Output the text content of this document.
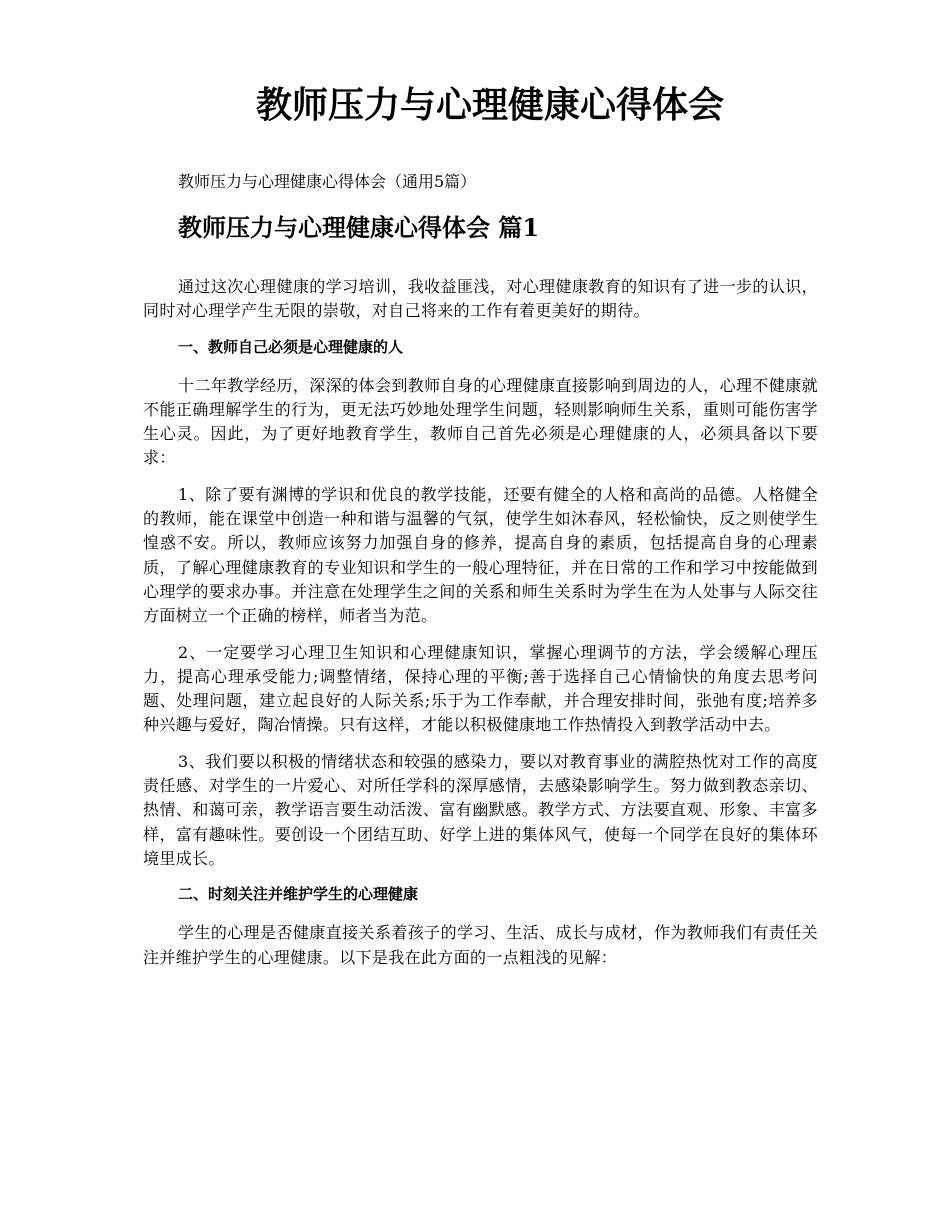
教师压力与心理健康心得体会

教师压力与心理健康心得体会（通用5篇）

教师压力与心理健康心得体会 篇1

通过这次心理健康的学习培训，我收益匪浅，对心理健康教育的知识有了进一步的认识，同时对心理学产生无限的崇敬，对自己将来的工作有着更美好的期待。

一、教师自己必须是心理健康的人

十二年教学经历，深深的体会到教师自身的心理健康直接影响到周边的人，心理不健康就不能正确理解学生的行为，更无法巧妙地处理学生问题，轻则影响师生关系，重则可能伤害学生心灵。因此，为了更好地教育学生，教师自己首先必须是心理健康的人，必须具备以下要求：

1、除了要有渊博的学识和优良的教学技能，还要有健全的人格和高尚的品德。人格健全的教师，能在课堂中创造一种和谐与温馨的气氛，使学生如沐春风，轻松愉快，反之则使学生惶惑不安。所以，教师应该努力加强自身的修养，提高自身的素质，包括提高自身的心理素质，了解心理健康教育的专业知识和学生的一般心理特征，并在日常的工作和学习中按能做到心理学的要求办事。并注意在处理学生之间的关系和师生关系时为学生在为人处事与人际交往方面树立一个正确的榜样，师者当为范。

2、一定要学习心理卫生知识和心理健康知识，掌握心理调节的方法，学会缓解心理压力，提高心理承受能力;调整情绪，保持心理的平衡;善于选择自己心情愉快的角度去思考问题、处理问题，建立起良好的人际关系;乐于为工作奉献，并合理安排时间，张弛有度;培养多种兴趣与爱好，陶冶情操。只有这样，才能以积极健康地工作热情投入到教学活动中去。

3、我们要以积极的情绪状态和较强的感染力，要以对教育事业的满腔热忱对工作的高度责任感、对学生的一片爱心、对所任学科的深厚感情，去感染影响学生。努力做到教态亲切、热情、和蔼可亲，教学语言要生动活泼、富有幽默感。教学方式、方法要直观、形象、丰富多样，富有趣味性。要创设一个团结互助、好学上进的集体风气，使每一个同学在良好的集体环境里成长。

二、时刻关注并维护学生的心理健康

学生的心理是否健康直接关系着孩子的学习、生活、成长与成材，作为教师我们有责任关注并维护学生的心理健康。以下是我在此方面的一点粗浅的见解：
